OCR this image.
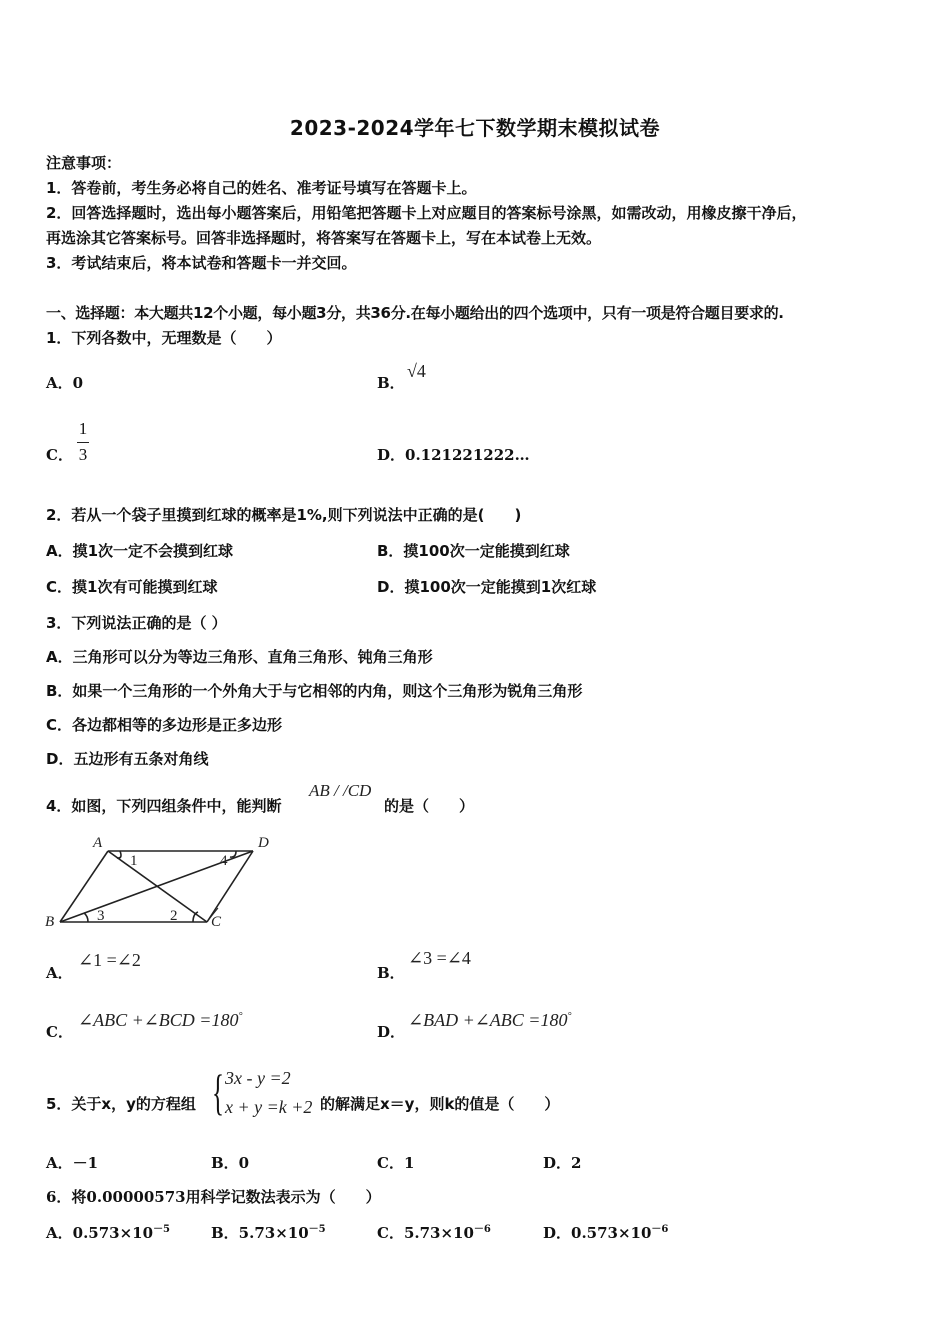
2023-2024学年七下数学期末模拟试卷
注意事项：
1．答卷前，考生务必将自己的姓名、准考证号填写在答题卡上。
2．回答选择题时，选出每小题答案后，用铅笔把答题卡上对应题目的答案标号涂黑，如需改动，用橡皮擦干净后，
再选涂其它答案标号。回答非选择题时，将答案写在答题卡上，写在本试卷上无效。
3．考试结束后，将本试卷和答题卡一并交回。
一、选择题：本大题共12个小题，每小题3分，共36分.在每小题给出的四个选项中，只有一项是符合题目要求的.
1．下列各数中，无理数是（　　）
A．0	B．
√4
C．
1
3	D．0.121221222…
2．若从一个袋子里摸到红球的概率是1%,则下列说法中正确的是(　　)
A．摸1次一定不会摸到红球	B．摸100次一定能摸到红球
C．摸1次有可能摸到红球	D．摸100次一定能摸到1次红球
3．下列说法正确的是（ ）
A．三角形可以分为等边三角形、直角三角形、钝角三角形
B．如果一个三角形的一个外角大于与它相邻的内角，则这个三角形为锐角三角形
C．各边都相等的多边形是正多边形
D．五边形有五条对角线
4．如图，下列四组条件中，能判断
AB / /CD
的是（　　）
A	D
B	C
1	4
3	2
A．
∠1 =∠2
B．
∠3 =∠4
C．
∠ABC +∠BCD =180°
D．
∠BAD +∠ABC =180°
5．关于x，y的方程组 { 3x - y =2
x + y =k +2 的解满足x＝y，则k的值是（　　）
A．－1	B．0	C．1	D．2
6．将0.00000573用科学记数法表示为（　　）
A．$0.573\times 10^{-5}$	B．$5.73\times 10^{-5}$	C．$5.73\times 10^{-6}$	D．$0.573\times 10^{-6}$
